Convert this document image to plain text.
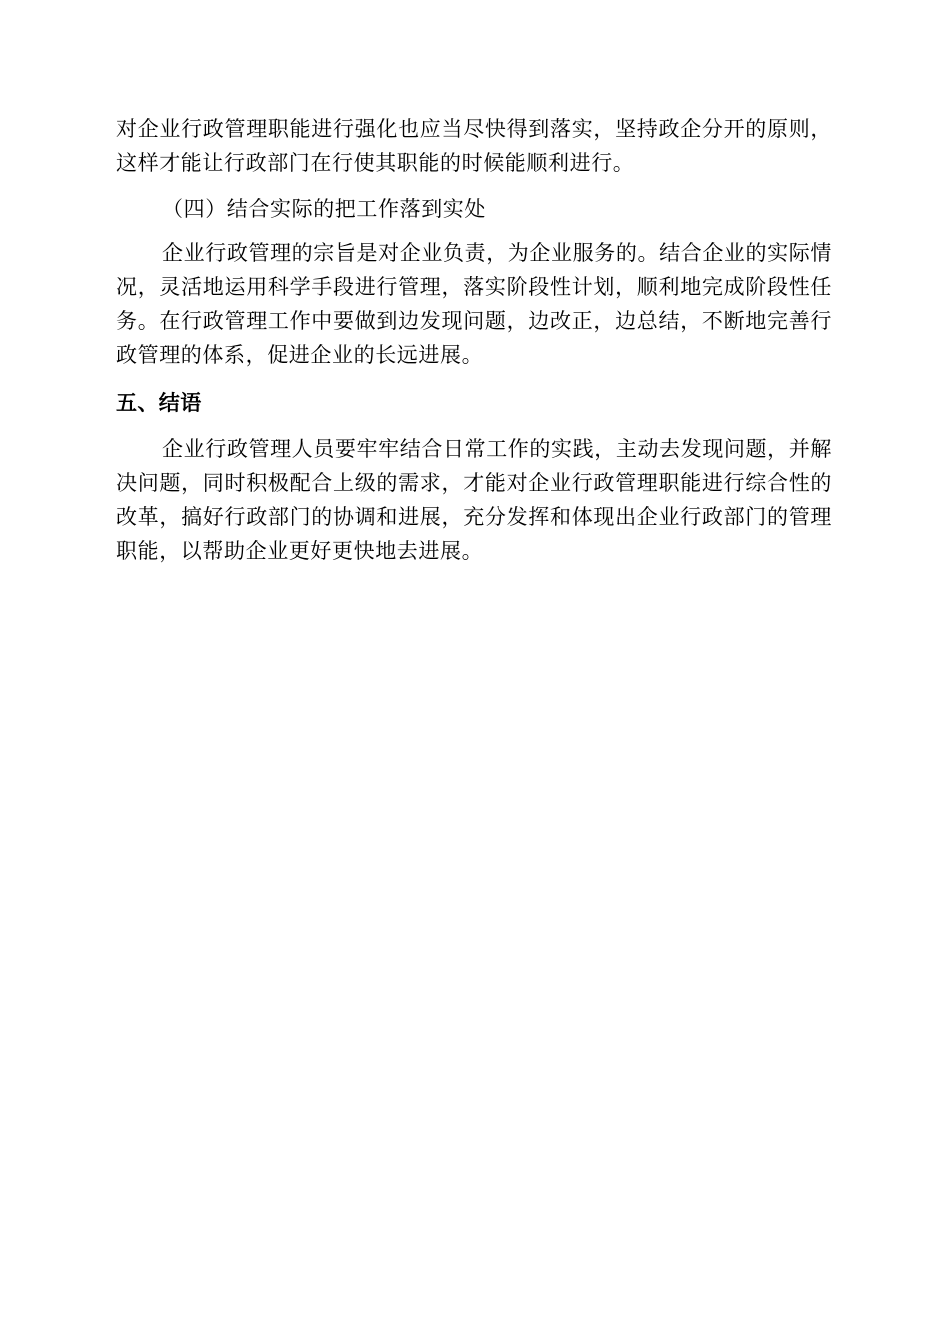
对企业行政管理职能进行强化也应当尽快得到落实，坚持政企分开的原则，这样才能让行政部门在行使其职能的时候能顺利进行。

（四）结合实际的把工作落到实处

企业行政管理的宗旨是对企业负责，为企业服务的。结合企业的实际情况，灵活地运用科学手段进行管理，落实阶段性计划，顺利地完成阶段性任务。在行政管理工作中要做到边发现问题，边改正，边总结，不断地完善行政管理的体系，促进企业的长远进展。

五、结语

企业行政管理人员要牢牢结合日常工作的实践，主动去发现问题，并解决问题，同时积极配合上级的需求，才能对企业行政管理职能进行综合性的改革，搞好行政部门的协调和进展，充分发挥和体现出企业行政部门的管理职能，以帮助企业更好更快地去进展。
